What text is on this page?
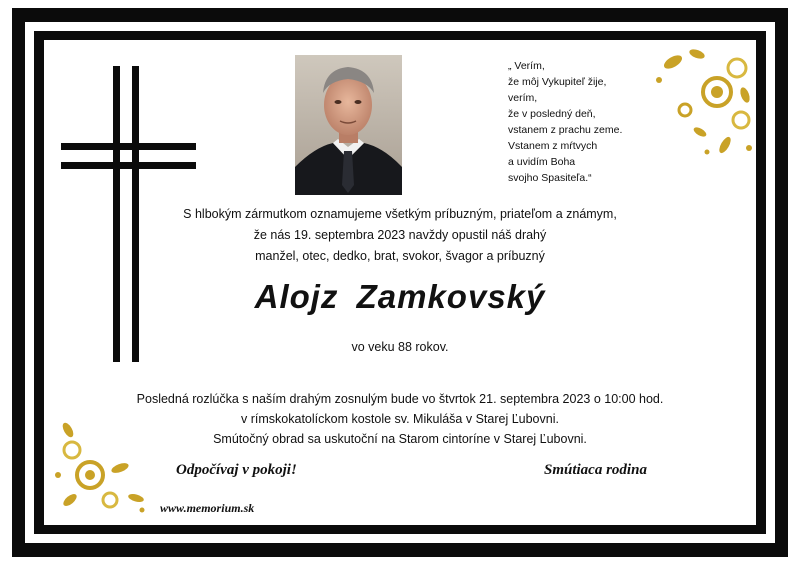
„ Verím,
že môj Vykupiteľ žije,
verím,
že v posledný deň,
vstanem z prachu zeme.
Vstanem z mŕtvych
a uvidím Boha
svojho Spasiteľa.“
S hlbokým zármutkom oznamujeme všetkým príbuzným, priateľom a známym,
že nás 19. septembra 2023 navždy opustil náš drahý
manžel, otec, dedko, brat, svokor, švagor a príbuzný
Alojz Zamkovský
vo veku 88 rokov.
Posledná rozlúčka s naším drahým zosnulým bude vo štvrtok 21. septembra 2023 o 10:00 hod.
v rímskokatolíckom kostole sv. Mikuláša v Starej Ľubovni.
Smútočný obrad sa uskutoční na Starom cintoríne v Starej Ľubovni.
Odpočívaj v pokoji!	Smútiaca rodina
www.memorium.sk
